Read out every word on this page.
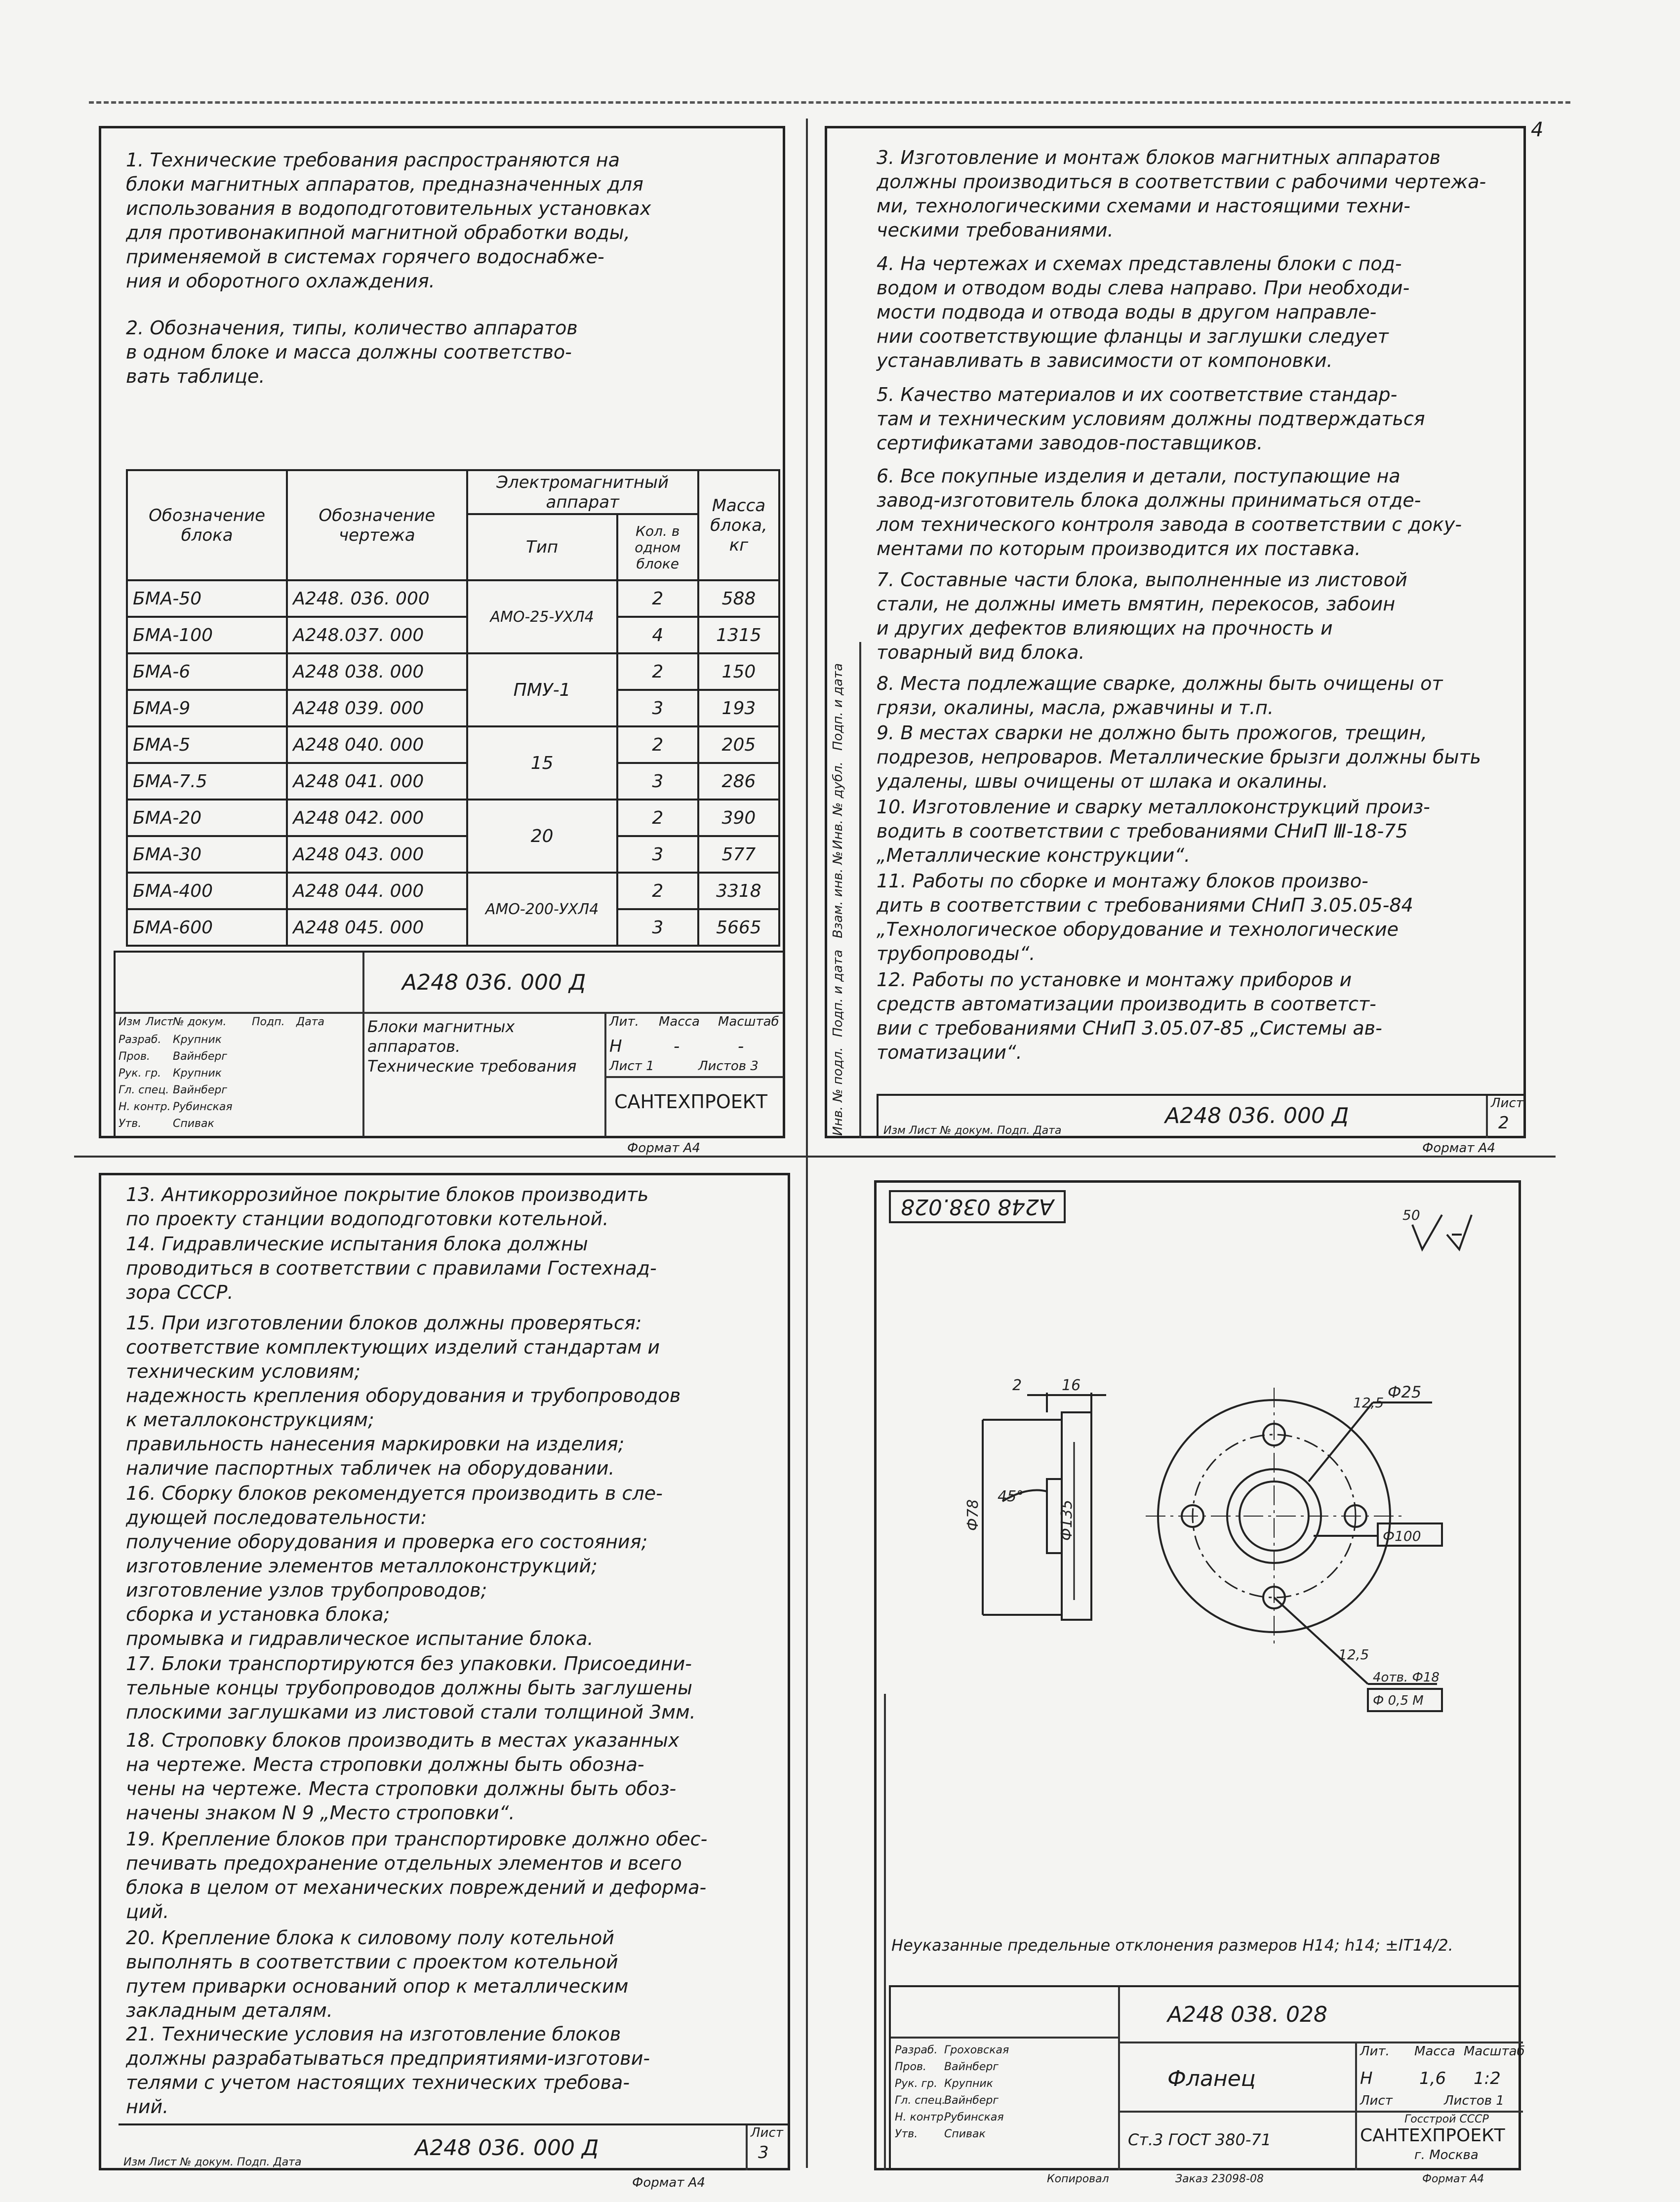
4
1. Технические требования распространяются на
блоки магнитных аппаратов, предназначенных для
использования в водоподготовительных установках
для противонакипной магнитной обработки воды,
применяемой в системах горячего водоснабже-
ния и оборотного охлаждения.
2. Обозначения, типы, количество аппаратов
в одном блоке и масса должны соответство-
вать таблице.
Обозначение блока	Обозначение чертежа	Электромагнитный аппарат		Масса блока, кг
		Тип	Кол. в одном блоке	
БМА-50	А248. 036. 000	АМО-25-УХЛ4	2	588
БМА-100	А248.037. 000		4	1315
БМА-6	А248 038. 000	ПМУ-1	2	150
БМА-9	А248 039. 000		3	193
БМА-5	А248 040. 000	15	2	205
БМА-7.5	А248 041. 000		3	286
БМА-20	А248 042. 000	20	2	390
БМА-30	А248 043. 000		3	577
БМА-400	А248 044. 000	АМО-200-УХЛ4	2	3318
БМА-600	А248 045. 000		3	5665
А248 036. 000 Д
Блоки магнитных
аппаратов.
Технические требования
Лит. Масса Масштаб
Н	-	-
Лист 1	Листов 3
САНТЕХПРОЕКТ
Изм Лист № докум. Подп. Дата
Разраб. Крупник
Пров. Вайнберг
Рук. гр. Крупник
Гл. спец. Вайнберг
Н. контр. Рубинская
Утв.	Спивак
Формат А4
Инв. № подл.
Подп. и дата
Взам. инв. №
Инв. № дубл.
Подп. и дата
3. Изготовление и монтаж блоков магнитных аппаратов
должны производиться в соответствии с рабочими чертежа-
ми, технологическими схемами и настоящими техни-
ческими требованиями.
4. На чертежах и схемах представлены блоки с под-
водом и отводом воды слева направо. При необходи-
мости подвода и отвода воды в другом направле-
нии соответствующие фланцы и заглушки следует
устанавливать в зависимости от компоновки.
5. Качество материалов и их соответствие стандар-
там и техническим условиям должны подтверждаться
сертификатами заводов-поставщиков.
6. Все покупные изделия и детали, поступающие на
завод-изготовитель блока должны приниматься отде-
лом технического контроля завода в соответствии с доку-
ментами по которым производится их поставка.
7. Составные части блока, выполненные из листовой
стали, не должны иметь вмятин, перекосов, забоин
и других дефектов влияющих на прочность и
товарный вид блока.
8. Места подлежащие сварке, должны быть очищены от
грязи, окалины, масла, ржавчины и т.п.
9. В местах сварки не должно быть прожогов, трещин,
подрезов, непроваров. Металлические брызги должны быть
удалены, швы очищены от шлака и окалины.
10. Изготовление и сварку металлоконструкций произ-
водить в соответствии с требованиями СНиП Ⅲ-18-75
„Металлические конструкции“.
11. Работы по сборке и монтажу блоков произво-
дить в соответствии с требованиями СНиП 3.05.05-84
„Технологическое оборудование и технологические
трубопроводы“.
12. Работы по установке и монтажу приборов и
средств автоматизации производить в соответст-
вии с требованиями СНиП 3.05.07-85 „Системы ав-
томатизации“.
А248 036. 000 Д	Лист
2
Изм Лист № докум. Подп. Дата
Формат А4
13. Антикоррозийное покрытие блоков производить
по проекту станции водоподготовки котельной.
14. Гидравлические испытания блока должны
проводиться в соответствии с правилами Гостехнад-
зора СССР.
15. При изготовлении блоков должны проверяться:
соответствие комплектующих изделий стандартам и
техническим условиям;
надежность крепления оборудования и трубопроводов
к металлоконструкциям;
правильность нанесения маркировки на изделия;
наличие паспортных табличек на оборудовании.
16. Сборку блоков рекомендуется производить в сле-
дующей последовательности:
получение оборудования и проверка его состояния;
изготовление элементов металлоконструкций;
изготовление узлов трубопроводов;
сборка и установка блока;
промывка и гидравлическое испытание блока.
17. Блоки транспортируются без упаковки. Присоедини-
тельные концы трубопроводов должны быть заглушены
плоскими заглушками из листовой стали толщиной 3мм.
18. Строповку блоков производить в местах указанных
на чертеже. Места строповки должны быть обозна-
чены на чертеже. Места строповки должны быть обоз-
начены знаком N 9 „Место строповки“.
19. Крепление блоков при транспортировке должно обес-
печивать предохранение отдельных элементов и всего
блока в целом от механических повреждений и деформа-
ций.
20. Крепление блока к силовому полу котельной
выполнять в соответствии с проектом котельной
путем приварки оснований опор к металлическим
закладным деталям.
21. Технические условия на изготовление блоков
должны разрабатываться предприятиями-изготови-
телями с учетом настоящих технических требова-
ний.
А248 036. 000 Д
Лист
3
Изм Лист № докум. Подп. Дата
Формат А4
А248 038.028	50
2	16
45°
Ф78	Ф135
12,5
Ф25
Ф100
12,5
4отв. Ф18
Ф 0,5 М
Неуказанные предельные отклонения размеров H14; h14; ±IT14/2.
А248 038. 028
Фланец
Ст.3 ГОСТ 380-71
Лит. Масса Масштаб
Н	1,6 1:2
Лист	Листов 1
Госстрой СССР
САНТЕХПРОЕКТ
г. Москва
Разраб. Гроховская
Пров. Вайнберг
Рук. гр. Крупник
Гл. спец.
Вайнберг
Н. контр.
Рубинская
Утв. Спивак
Копировал	Заказ 23098-08	Формат А4
